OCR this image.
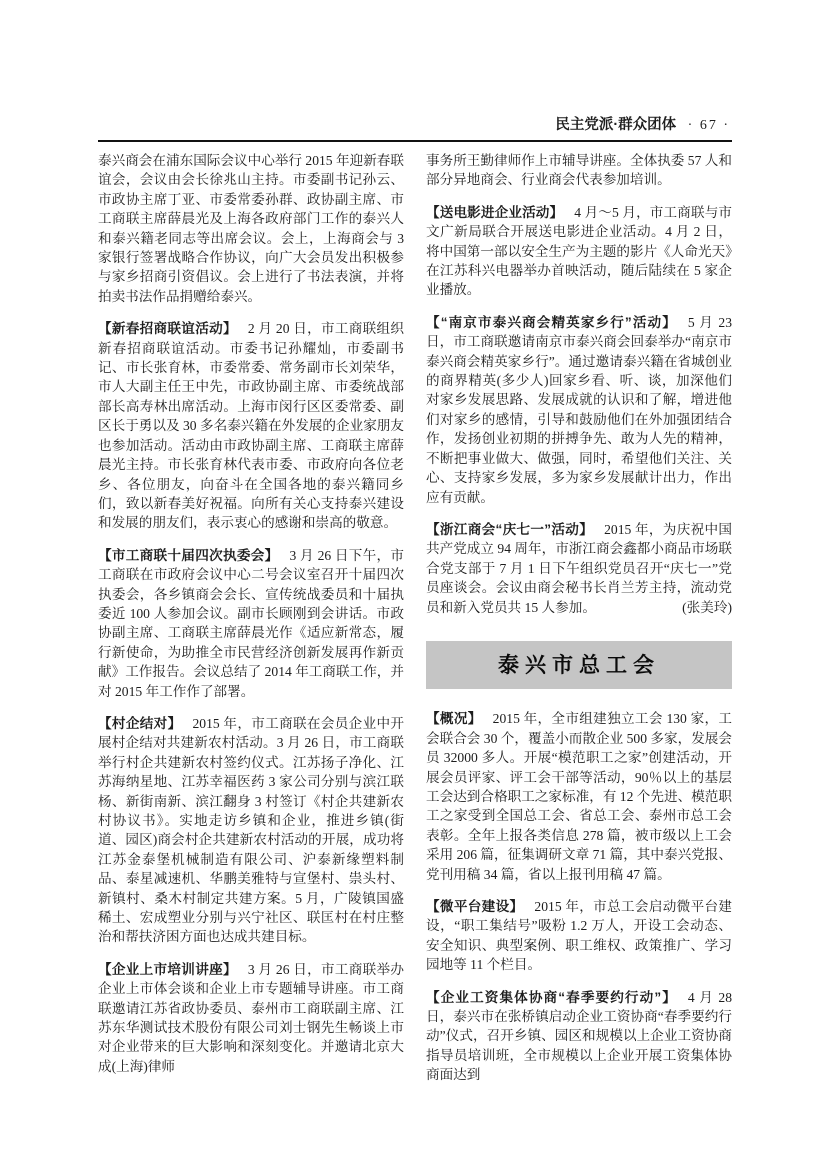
民主党派·群众团体 · 67 ·

泰兴商会在浦东国际会议中心举行 2015 年迎新春联谊会，会议由会长徐兆山主持。市委副书记孙云、市政协主席丁亚、市委常委孙群、政协副主席、市工商联主席薛晨光及上海各政府部门工作的泰兴人和泰兴籍老同志等出席会议。会上，上海商会与 3 家银行签署战略合作协议，向广大会员发出积极参与家乡招商引资倡议。会上进行了书法表演，并将拍卖书法作品捐赠给泰兴。

【新春招商联谊活动】 2 月 20 日，市工商联组织新春招商联谊活动。市委书记孙耀灿，市委副书记、市长张育林，市委常委、常务副市长刘荣华，市人大副主任王中先，市政协副主席、市委统战部部长高寿林出席活动。上海市闵行区区委常委、副区长于勇以及 30 多名泰兴籍在外发展的企业家朋友也参加活动。活动由市政协副主席、工商联主席薛晨光主持。市长张育林代表市委、市政府向各位老乡、各位朋友，向奋斗在全国各地的泰兴籍同乡们，致以新春美好祝福。向所有关心支持泰兴建设和发展的朋友们，表示衷心的感谢和崇高的敬意。

【市工商联十届四次执委会】 3 月 26 日下午，市工商联在市政府会议中心二号会议室召开十届四次执委会，各乡镇商会会长、宣传统战委员和十届执委近 100 人参加会议。副市长顾刚到会讲话。市政协副主席、工商联主席薛晨光作《适应新常态，履行新使命，为助推全市民营经济创新发展再作新贡献》工作报告。会议总结了 2014 年工商联工作，并对 2015 年工作作了部署。

【村企结对】 2015 年，市工商联在会员企业中开展村企结对共建新农村活动。3 月 26 日，市工商联举行村企共建新农村签约仪式。江苏扬子净化、江苏海纳星地、江苏幸福医药 3 家公司分别与滨江联杨、新街南新、滨江翻身 3 村签订《村企共建新农村协议书》。实地走访乡镇和企业，推进乡镇(街道、园区)商会村企共建新农村活动的开展，成功将江苏金泰堡机械制造有限公司、沪泰新缘塑料制品、泰星减速机、华鹏美雅特与宣堡村、祟头村、新镇村、桑木村制定共建方案。5 月，广陵镇国盛稀土、宏成塑业分别与兴宁社区、联匡村在村庄整治和帮扶济困方面也达成共建目标。

【企业上市培训讲座】 3 月 26 日，市工商联举办企业上市体会谈和企业上市专题辅导讲座。市工商联邀请江苏省政协委员、泰州市工商联副主席、江苏东华测试技术股份有限公司刘士钢先生畅谈上市对企业带来的巨大影响和深刻变化。并邀请北京大成(上海)律师

事务所王勤律师作上市辅导讲座。全体执委 57 人和部分异地商会、行业商会代表参加培训。

【送电影进企业活动】 4 月～5 月，市工商联与市文广新局联合开展送电影进企业活动。4 月 2 日，将中国第一部以安全生产为主题的影片《人命光天》在江苏科兴电器举办首映活动，随后陆续在 5 家企业播放。

【“南京市泰兴商会精英家乡行”活动】 5 月 23 日，市工商联邀请南京市泰兴商会回泰举办“南京市泰兴商会精英家乡行”。通过邀请泰兴籍在省城创业的商界精英(多少人)回家乡看、听、谈，加深他们对家乡发展思路、发展成就的认识和了解，增进他们对家乡的感情，引导和鼓励他们在外加强团结合作，发扬创业初期的拼搏争先、敢为人先的精神，不断把事业做大、做强，同时，希望他们关注、关心、支持家乡发展，多为家乡发展献计出力，作出应有贡献。

【浙江商会“庆七一”活动】 2015 年，为庆祝中国共产党成立 94 周年，市浙江商会鑫都小商品市场联合党支部于 7 月 1 日下午组织党员召开“庆七一”党员座谈会。会议由商会秘书长肖兰芳主持，流动党员和新入党员共 15 人参加。	(张美玲)

泰兴市总工会

【概况】 2015 年，全市组建独立工会 130 家，工会联合会 30 个，覆盖小而散企业 500 多家，发展会员 32000 多人。开展“模范职工之家”创建活动，开展会员评家、评工会干部等活动，90％以上的基层工会达到合格职工之家标准，有 12 个先进、模范职工之家受到全国总工会、省总工会、泰州市总工会表彰。全年上报各类信息 278 篇，被市级以上工会采用 206 篇，征集调研文章 71 篇，其中泰兴党报、党刊用稿 34 篇，省以上报刊用稿 47 篇。

【微平台建设】 2015 年，市总工会启动微平台建设，“职工集结号”吸粉 1.2 万人，开设工会动态、安全知识、典型案例、职工维权、政策推广、学习园地等 11 个栏目。

【企业工资集体协商“春季要约行动”】 4 月 28 日，泰兴市在张桥镇启动企业工资协商“春季要约行动”仪式，召开乡镇、园区和规模以上企业工资协商指导员培训班，全市规模以上企业开展工资集体协商面达到
